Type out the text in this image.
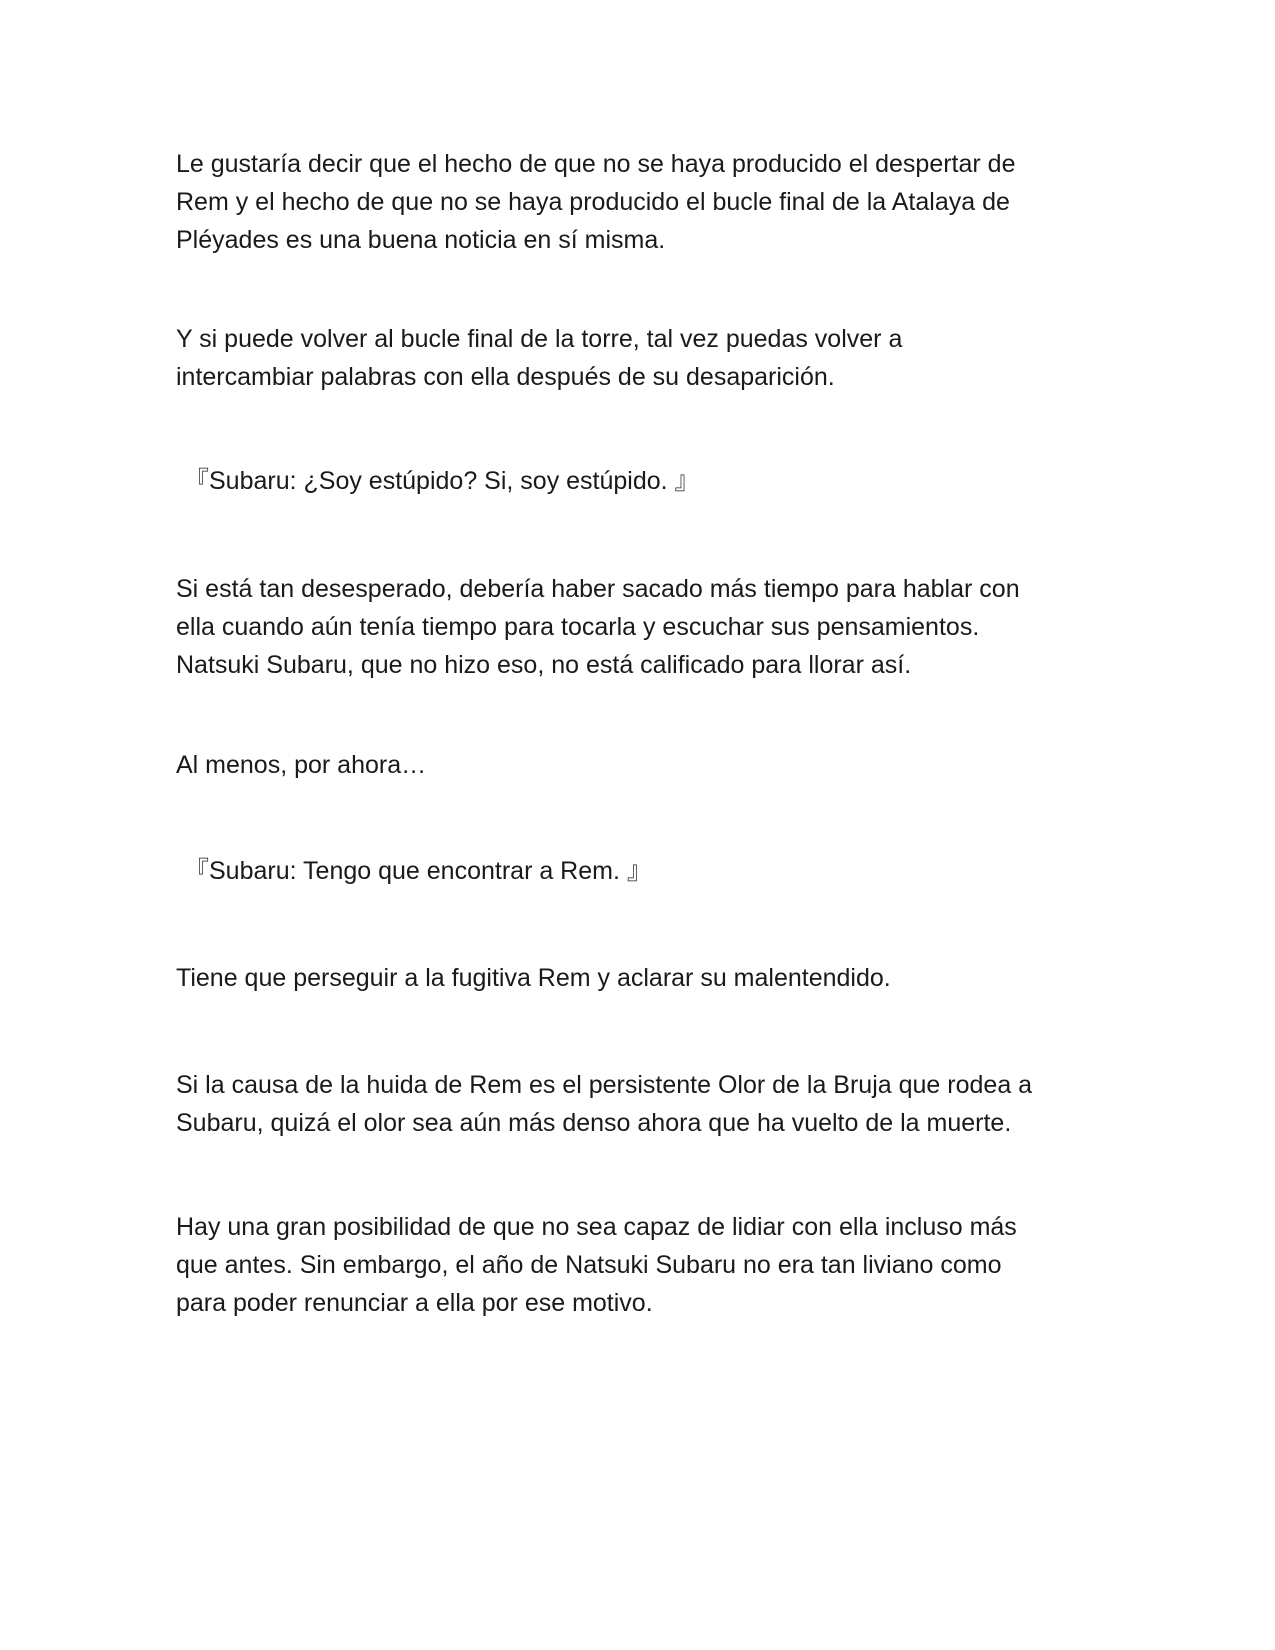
Le gustaría decir que el hecho de que no se haya producido el despertar de
Rem y el hecho de que no se haya producido el bucle final de la Atalaya de
Pléyades es una buena noticia en sí misma.

Y si puede volver al bucle final de la torre, tal vez puedas volver a
intercambiar palabras con ella después de su desaparición.

『Subaru: ¿Soy estúpido? Si, soy estúpido. 』

Si está tan desesperado, debería haber sacado más tiempo para hablar con
ella cuando aún tenía tiempo para tocarla y escuchar sus pensamientos.
Natsuki Subaru, que no hizo eso, no está calificado para llorar así.

Al menos, por ahora…

『Subaru: Tengo que encontrar a Rem. 』

Tiene que perseguir a la fugitiva Rem y aclarar su malentendido.

Si la causa de la huida de Rem es el persistente Olor de la Bruja que rodea a
Subaru, quizá el olor sea aún más denso ahora que ha vuelto de la muerte.

Hay una gran posibilidad de que no sea capaz de lidiar con ella incluso más
que antes. Sin embargo, el año de Natsuki Subaru no era tan liviano como
para poder renunciar a ella por ese motivo.
